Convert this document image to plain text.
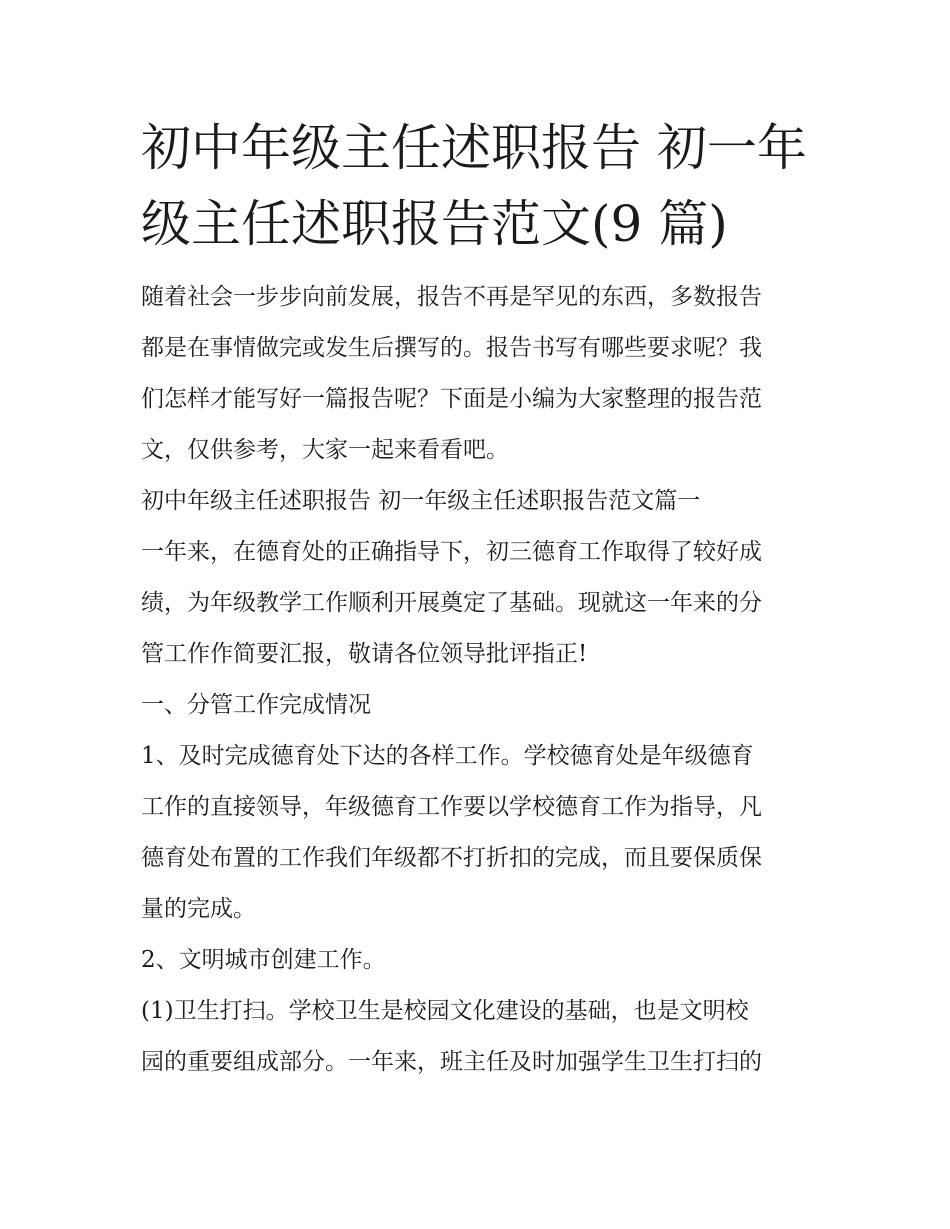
初中年级主任述职报告 初一年
级主任述职报告范文(9 篇)

随着社会一步步向前发展，报告不再是罕见的东西，多数报告
都是在事情做完或发生后撰写的。报告书写有哪些要求呢？我
们怎样才能写好一篇报告呢？下面是小编为大家整理的报告范
文，仅供参考，大家一起来看看吧。

初中年级主任述职报告 初一年级主任述职报告范文篇一

一年来，在德育处的正确指导下，初三德育工作取得了较好成
绩，为年级教学工作顺利开展奠定了基础。现就这一年来的分
管工作作简要汇报，敬请各位领导批评指正!

一、分管工作完成情况

1、及时完成德育处下达的各样工作。学校德育处是年级德育
工作的直接领导，年级德育工作要以学校德育工作为指导，凡
德育处布置的工作我们年级都不打折扣的完成，而且要保质保
量的完成。

2、文明城市创建工作。

(1)卫生打扫。学校卫生是校园文化建设的基础，也是文明校
园的重要组成部分。一年来，班主任及时加强学生卫生打扫的
